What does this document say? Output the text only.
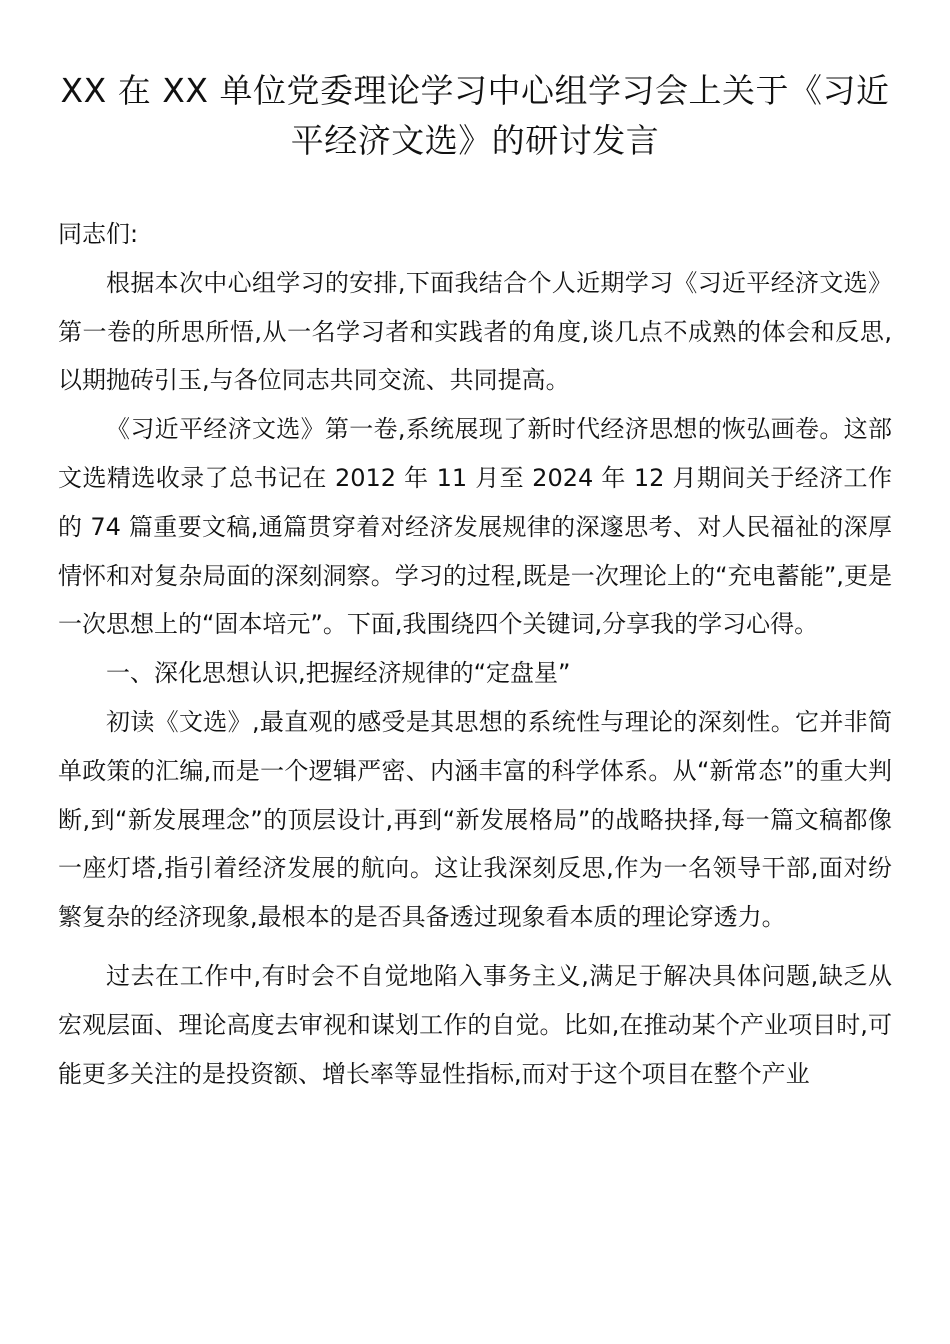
XX 在 XX 单位党委理论学习中心组学习会上关于《习近平经济文选》的研讨发言

同志们:

根据本次中心组学习的安排,下面我结合个人近期学习《习近平经济文选》第一卷的所思所悟,从一名学习者和实践者的角度,谈几点不成熟的体会和反思,以期抛砖引玉,与各位同志共同交流、共同提高。

《习近平经济文选》第一卷,系统展现了新时代经济思想的恢弘画卷。这部文选精选收录了总书记在 2012 年 11 月至 2024 年 12 月期间关于经济工作的 74 篇重要文稿,通篇贯穿着对经济发展规律的深邃思考、对人民福祉的深厚情怀和对复杂局面的深刻洞察。学习的过程,既是一次理论上的“充电蓄能”,更是一次思想上的“固本培元”。下面,我围绕四个关键词,分享我的学习心得。

一、深化思想认识,把握经济规律的“定盘星”

初读《文选》,最直观的感受是其思想的系统性与理论的深刻性。它并非简单政策的汇编,而是一个逻辑严密、内涵丰富的科学体系。从“新常态”的重大判断,到“新发展理念”的顶层设计,再到“新发展格局”的战略抉择,每一篇文稿都像一座灯塔,指引着经济发展的航向。这让我深刻反思,作为一名领导干部,面对纷繁复杂的经济现象,最根本的是否具备透过现象看本质的理论穿透力。

过去在工作中,有时会不自觉地陷入事务主义,满足于解决具体问题,缺乏从宏观层面、理论高度去审视和谋划工作的自觉。比如,在推动某个产业项目时,可能更多关注的是投资额、增长率等显性指标,而对于这个项目在整个产业
